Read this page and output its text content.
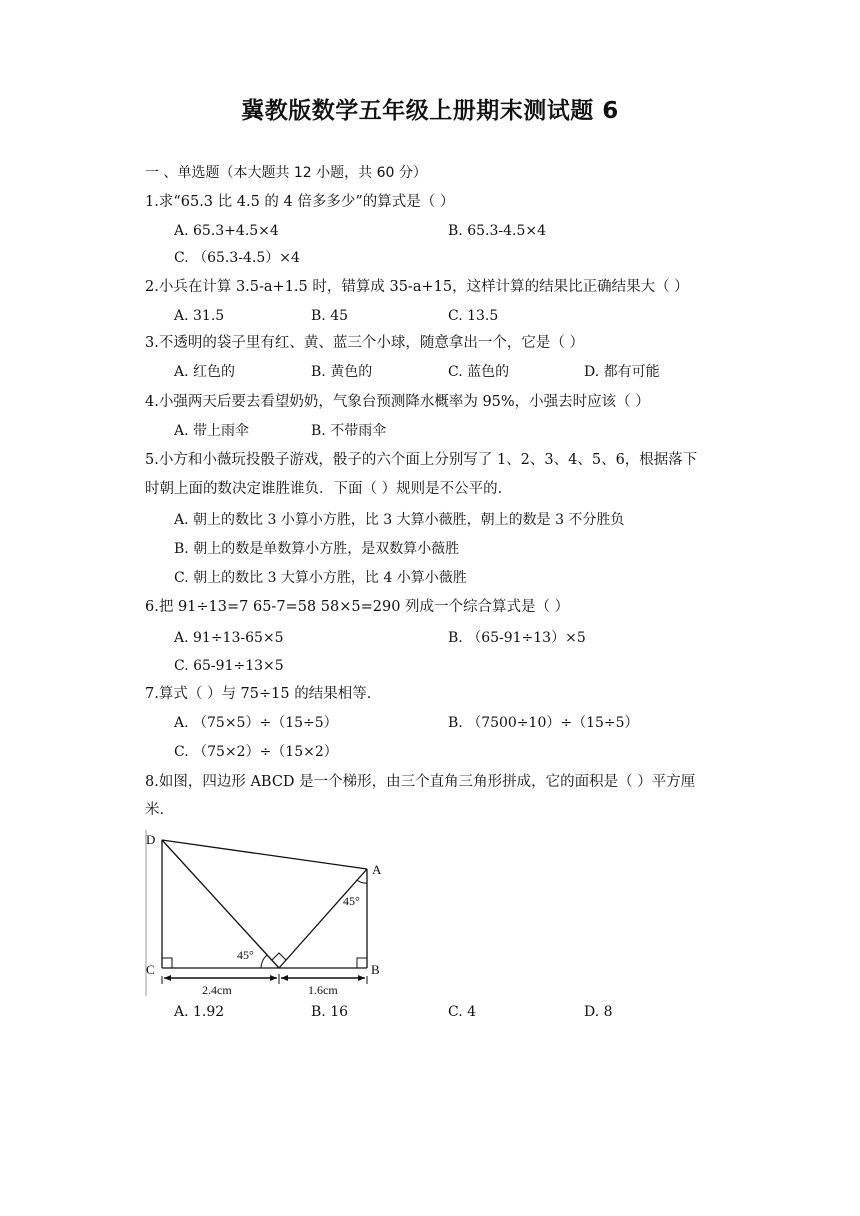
冀教版数学五年级上册期末测试题 6
一 、单选题（本大题共 12 小题，共 60 分）
1.求“65.3 比 4.5 的 4 倍多多少”的算式是（ ）
A. 65.3+4.5×4	B. 65.3-4.5×4
C. （65.3-4.5）×4
2.小兵在计算 3.5-a+1.5 时，错算成 35-a+15，这样计算的结果比正确结果大（ ）
A. 31.5	B. 45	C. 13.5
3.不透明的袋子里有红、黄、蓝三个小球，随意拿出一个，它是（ ）
A. 红色的	B. 黄色的	C. 蓝色的	D. 都有可能
4.小强两天后要去看望奶奶，气象台预测降水概率为 95%，小强去时应该（ ）
A. 带上雨伞	B. 不带雨伞
5.小方和小薇玩投骰子游戏，骰子的六个面上分别写了 1、2、3、4、5、6，根据落下
时朝上面的数决定谁胜谁负．下面（ ）规则是不公平的．
A. 朝上的数比 3 小算小方胜，比 3 大算小薇胜，朝上的数是 3 不分胜负
B. 朝上的数是单数算小方胜，是双数算小薇胜
C. 朝上的数比 3 大算小方胜，比 4 小算小薇胜
6.把 91÷13=7 65-7=58 58×5=290 列成一个综合算式是（ ）
A. 91÷13-65×5	B. （65-91÷13）×5
C. 65-91÷13×5
7.算式（ ）与 75÷15 的结果相等．
A. （75×5）÷（15÷5）	B. （7500÷10）÷（15÷5）
C. （75×2）÷（15×2）
8.如图，四边形 ABCD 是一个梯形，由三个直角三角形拼成，它的面积是（ ）平方厘
米．
D
A
C	B
45°
45°
2.4cm	1.6cm
A. 1.92	B. 16	C. 4	D. 8
